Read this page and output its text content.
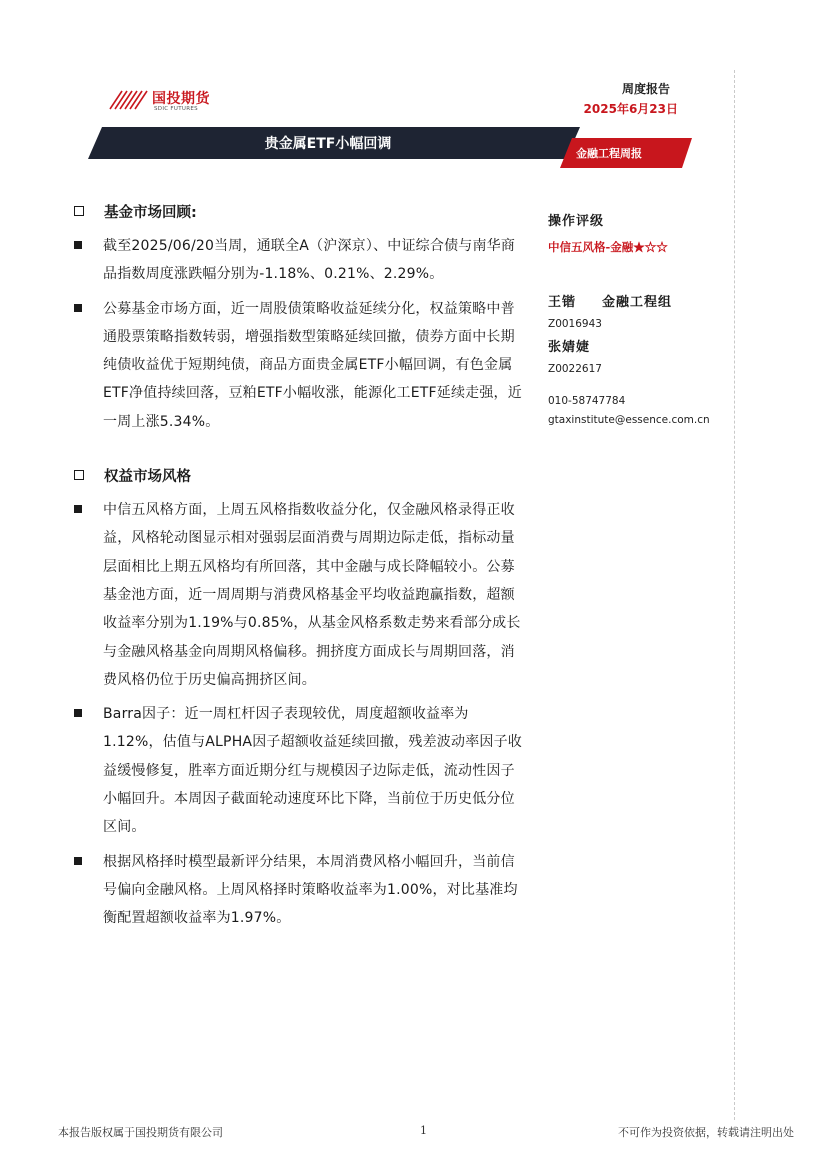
国投期货
SDIC FUTURES
周度报告
2025年6月23日
贵金属ETF小幅回调
金融工程周报
基金市场回顾:
截至2025/06/20当周，通联全A（沪深京）、中证综合债与南华商品指数周度涨跌幅分别为-1.18%、0.21%、2.29%。
公募基金市场方面，近一周股债策略收益延续分化，权益策略中普通股票策略指数转弱，增强指数型策略延续回撤，债券方面中长期纯债收益优于短期纯债，商品方面贵金属ETF小幅回调，有色金属ETF净值持续回落，豆粕ETF小幅收涨，能源化工ETF延续走强，近一周上涨5.34%。
权益市场风格
中信五风格方面，上周五风格指数收益分化，仅金融风格录得正收益，风格轮动图显示相对强弱层面消费与周期边际走低，指标动量层面相比上期五风格均有所回落，其中金融与成长降幅较小。公募基金池方面，近一周周期与消费风格基金平均收益跑赢指数，超额收益率分别为1.19%与0.85%，从基金风格系数走势来看部分成长与金融风格基金向周期风格偏移。拥挤度方面成长与周期回落，消费风格仍位于历史偏高拥挤区间。
Barra因子：近一周杠杆因子表现较优，周度超额收益率为1.12%，估值与ALPHA因子超额收益延续回撤，残差波动率因子收益缓慢修复，胜率方面近期分红与规模因子边际走低，流动性因子小幅回升。本周因子截面轮动速度环比下降，当前位于历史低分位区间。
根据风格择时模型最新评分结果，本周消费风格小幅回升，当前信号偏向金融风格。上周风格择时策略收益率为1.00%，对比基准均衡配置超额收益率为1.97%。
操作评级
中信五风格-金融★☆☆
王锴 金融工程组
Z0016943
张婧婕
Z0022617
010-58747784
gtaxinstitute@essence.com.cn
本报告版权属于国投期货有限公司	1	不可作为投资依据，转载请注明出处
